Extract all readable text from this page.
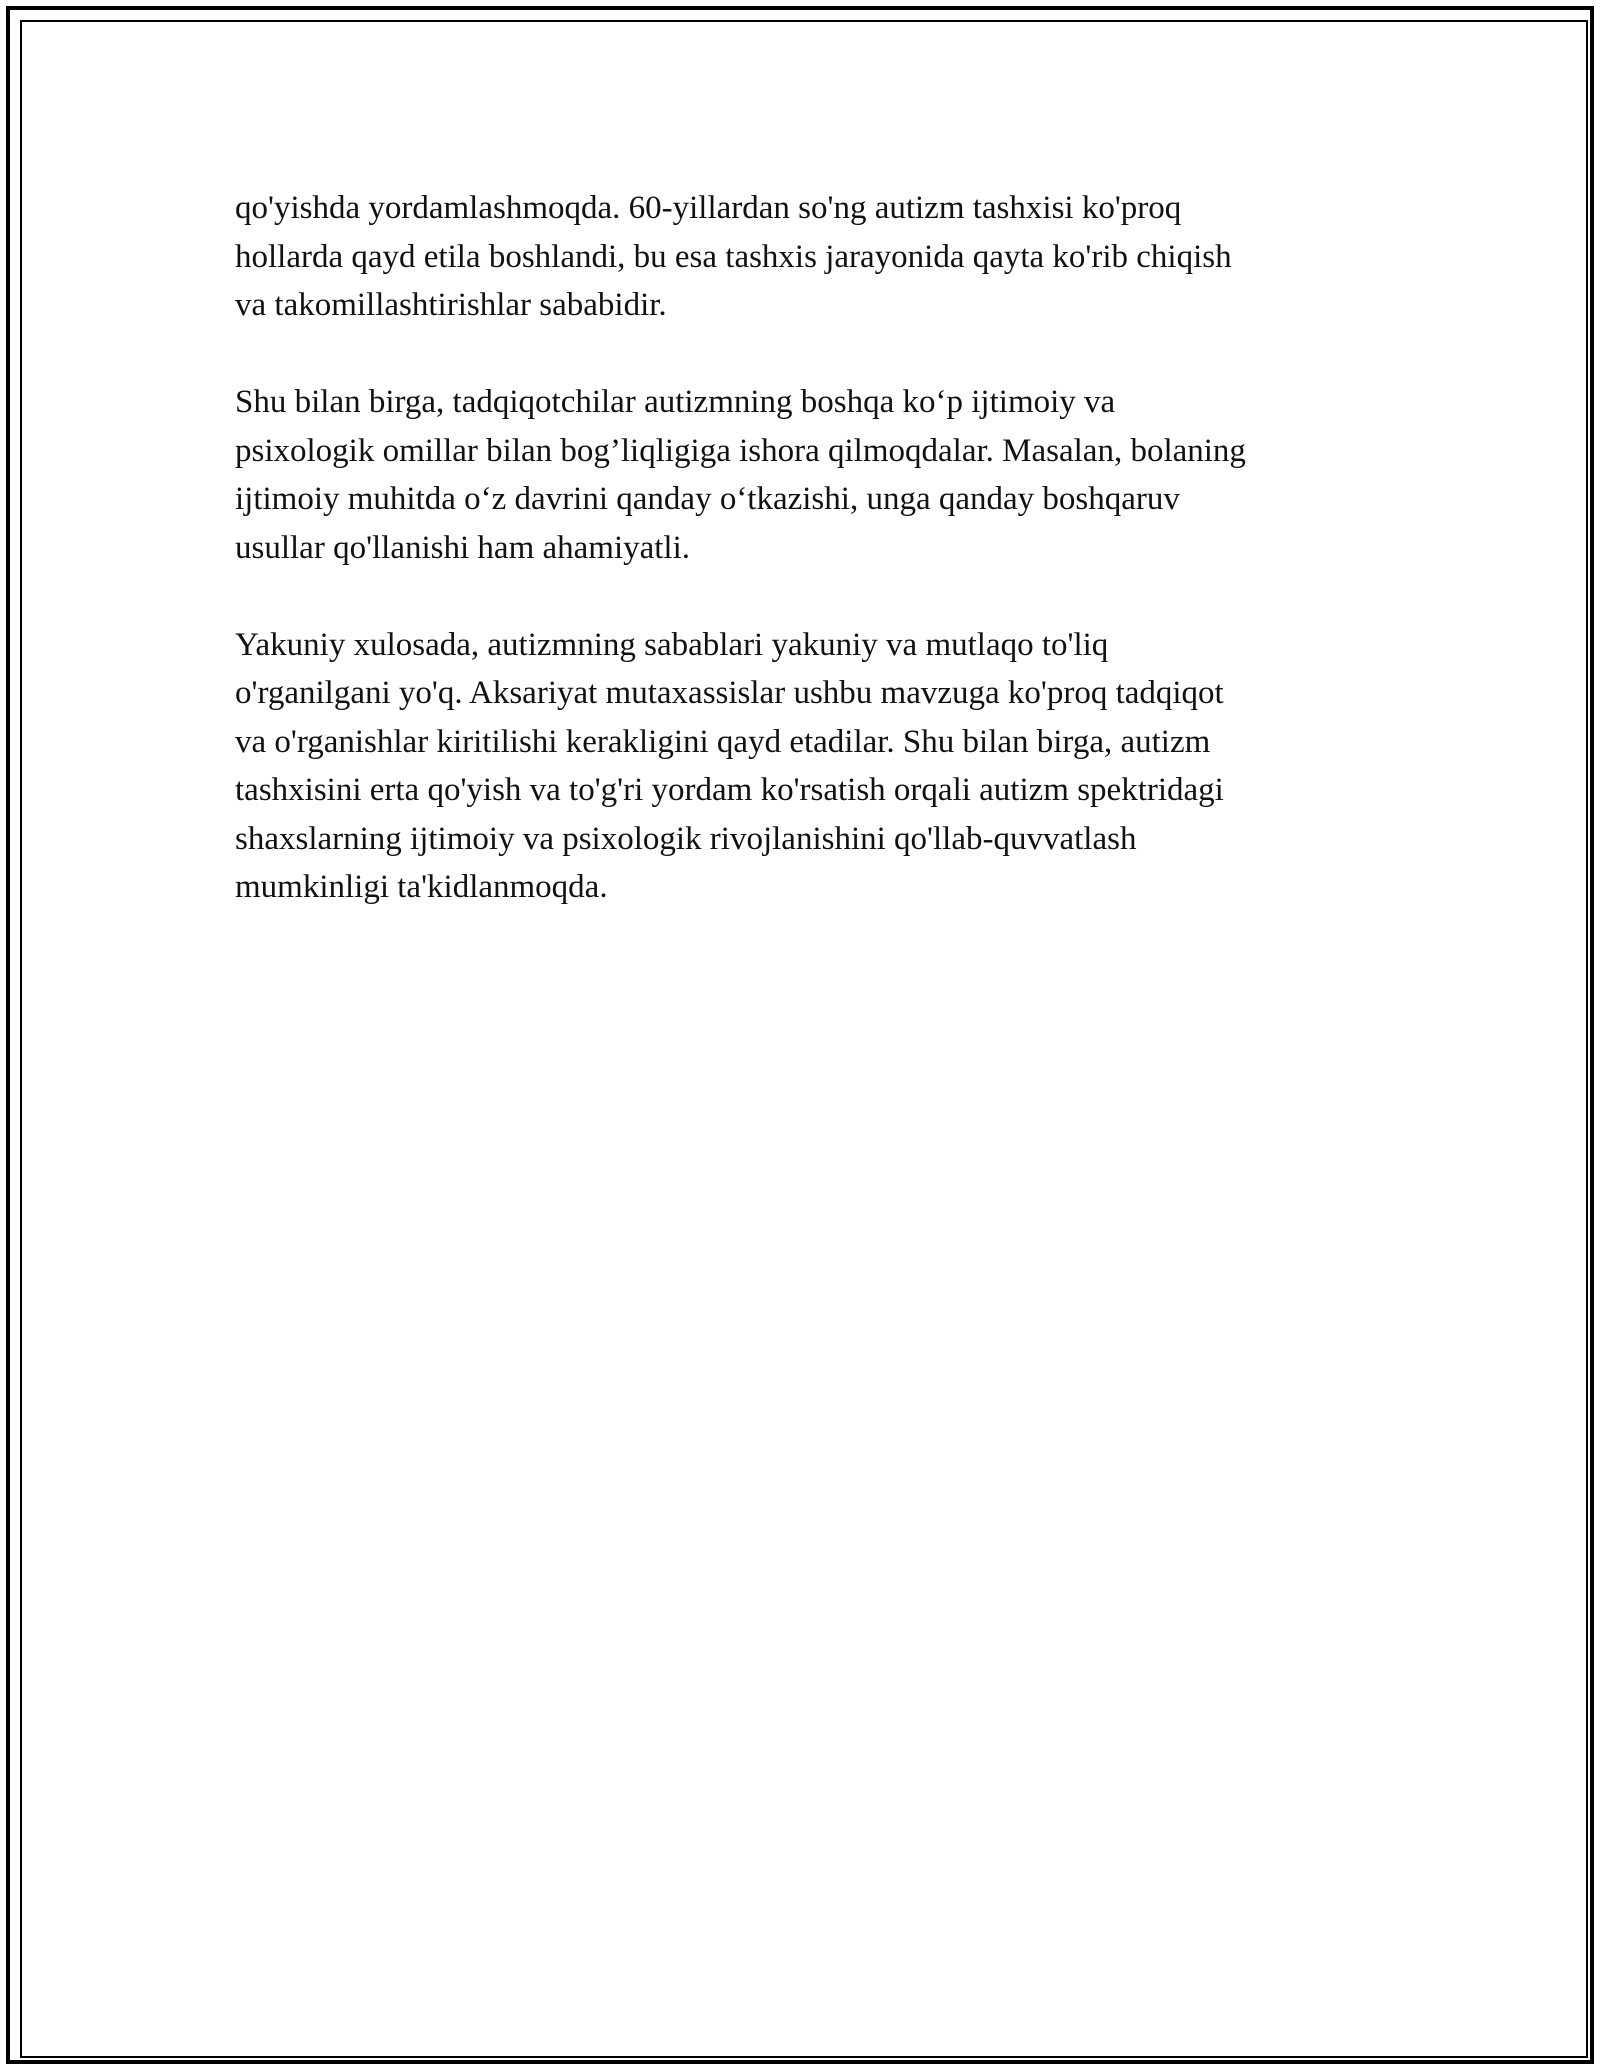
qo'yishda yordamlashmoqda. 60-yillardan so'ng autizm tashxisi ko'proq
hollarda qayd etila boshlandi, bu esa tashxis jarayonida qayta ko'rib chiqish
va takomillashtirishlar sababidir.

Shu bilan birga, tadqiqotchilar autizmning boshqa koʻp ijtimoiy va
psixologik omillar bilan bog’liqligiga ishora qilmoqdalar. Masalan, bolaning
ijtimoiy muhitda oʻz davrini qanday oʻtkazishi, unga qanday boshqaruv
usullar qo'llanishi ham ahamiyatli.

Yakuniy xulosada, autizmning sabablari yakuniy va mutlaqo to'liq
o'rganilgani yo'q. Aksariyat mutaxassislar ushbu mavzuga ko'proq tadqiqot
va o'rganishlar kiritilishi kerakligini qayd etadilar. Shu bilan birga, autizm
tashxisini erta qo'yish va to'g'ri yordam ko'rsatish orqali autizm spektridagi
shaxslarning ijtimoiy va psixologik rivojlanishini qo'llab-quvvatlash
mumkinligi ta'kidlanmoqda.
